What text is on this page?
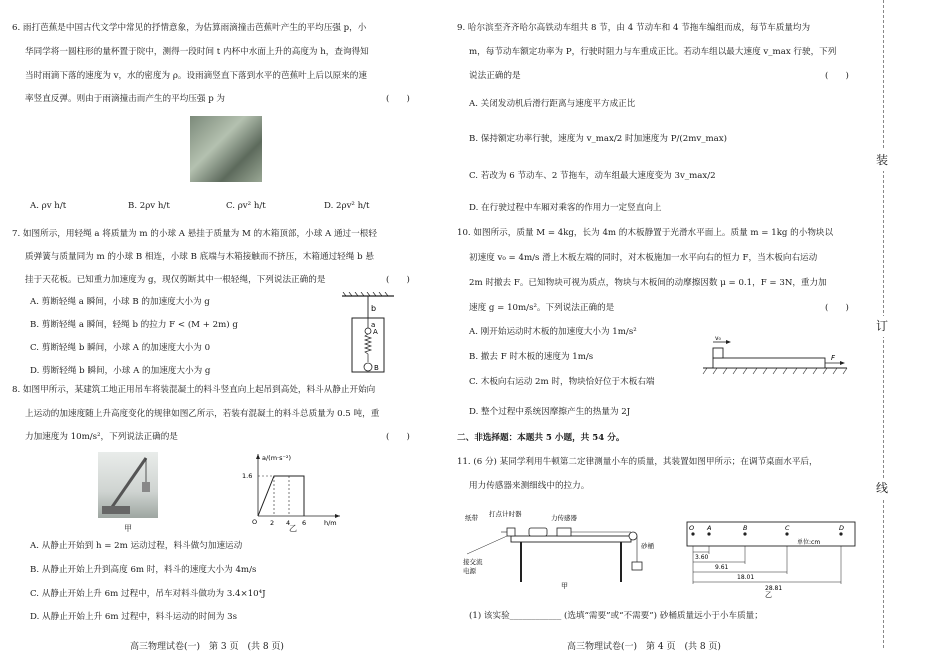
6. 雨打芭蕉是中国古代文学中常见的抒情意象，为估算雨滴撞击芭蕉叶产生的平均压强 p，小

华同学将一圆柱形的量杯置于院中，测得一段时间 t 内杯中水面上升的高度为 h，查询得知

当时雨滴下落的速度为 v，水的密度为 ρ。设雨滴竖直下落到水平的芭蕉叶上后以原来的速

率竖直反弹。则由于雨滴撞击而产生的平均压强 p 为	(　　)

A. ρv h/t	B. 2ρv h/t	C. ρv² h/t	D. 2ρv² h/t

7. 如图所示，用轻绳 a 将质量为 m 的小球 A 悬挂于质量为 M 的木箱顶部，小球 A 通过一根轻

质弹簧与质量同为 m 的小球 B 相连，小球 B 底端与木箱接触而不挤压，木箱通过轻绳 b 悬

挂于天花板。已知重力加速度为 g，现仅剪断其中一根轻绳，下列说法正确的是	(　　)

A. 剪断轻绳 a 瞬间，小球 B 的加速度大小为 g

B. 剪断轻绳 a 瞬间，轻绳 b 的拉力 F < (M + 2m) g

C. 剪断轻绳 b 瞬间，小球 A 的加速度大小为 0

D. 剪断轻绳 b 瞬间，小球 A 的加速度大小为 g

b
a
A
B

8. 如图甲所示，某建筑工地正用吊车将装混凝土的料斗竖直向上起吊到高处，料斗从静止开始向

上运动的加速度随上升高度变化的规律如图乙所示，若装有混凝土的料斗总质量为 0.5 吨，重

力加速度为 10m/s²，下列说法正确的是	(　　)
甲
a/(m·s⁻²)
h/m
1.6
O 2 4 6
乙

A. 从静止开始到 h = 2m 运动过程，料斗做匀加速运动

B. 从静止开始上升到高度 6m 时，料斗的速度大小为 4m/s

C. 从静止开始上升 6m 过程中，吊车对料斗做功为 3.4×10⁴J

D. 从静止开始上升 6m 过程中，料斗运动的时间为 3s

高三物理试卷(一)　第 3 页　(共 8 页)

9. 哈尔滨至齐齐哈尔高铁动车组共 8 节，由 4 节动车和 4 节拖车编组而成，每节车质量均为

m，每节动车额定功率为 P，行驶时阻力与车重成正比。若动车组以最大速度 v_max 行驶，下列

说法正确的是	(　　)

A. 关闭发动机后滑行距离与速度平方成正比

B. 保持额定功率行驶，速度为 v_max/2 时加速度为 P/(2mv_max)

C. 若改为 6 节动车、2 节拖车，动车组最大速度变为 3v_max/2

D. 在行驶过程中车厢对乘客的作用力一定竖直向上

10. 如图所示，质量 M = 4kg，长为 4m 的木板静置于光滑水平面上。质量 m = 1kg 的小物块以

初速度 v₀ = 4m/s 滑上木板左端的同时，对木板施加一水平向右的恒力 F，当木板向右运动

2m 时撤去 F。已知物块可视为质点，物块与木板间的动摩擦因数 μ = 0.1，F = 3N，重力加

速度 g = 10m/s²。下列说法正确的是	(　　)

A. 刚开始运动时木板的加速度大小为 1m/s²

B. 撤去 F 时木板的速度为 1m/s

C. 木板向右运动 2m 时，物块恰好位于木板右端

D. 整个过程中系统因摩擦产生的热量为 2J

v₀
F

二、非选择题：本题共 5 小题，共 54 分。

11. (6 分) 某同学利用牛顿第二定律测量小车的质量，其装置如图甲所示；在调节桌面水平后，

用力传感器来测细线中的拉力。

纸带 打点计时器	力传感器
砂桶
接交流
电源
甲
O A	B	C	D
单位:cm
3.60
9.61
18.01
28.81
乙

(1) 该实验____________ (选填“需要”或“不需要”) 砂桶质量远小于小车质量；

高三物理试卷(一)　第 4 页　(共 8 页)

装
订
线
